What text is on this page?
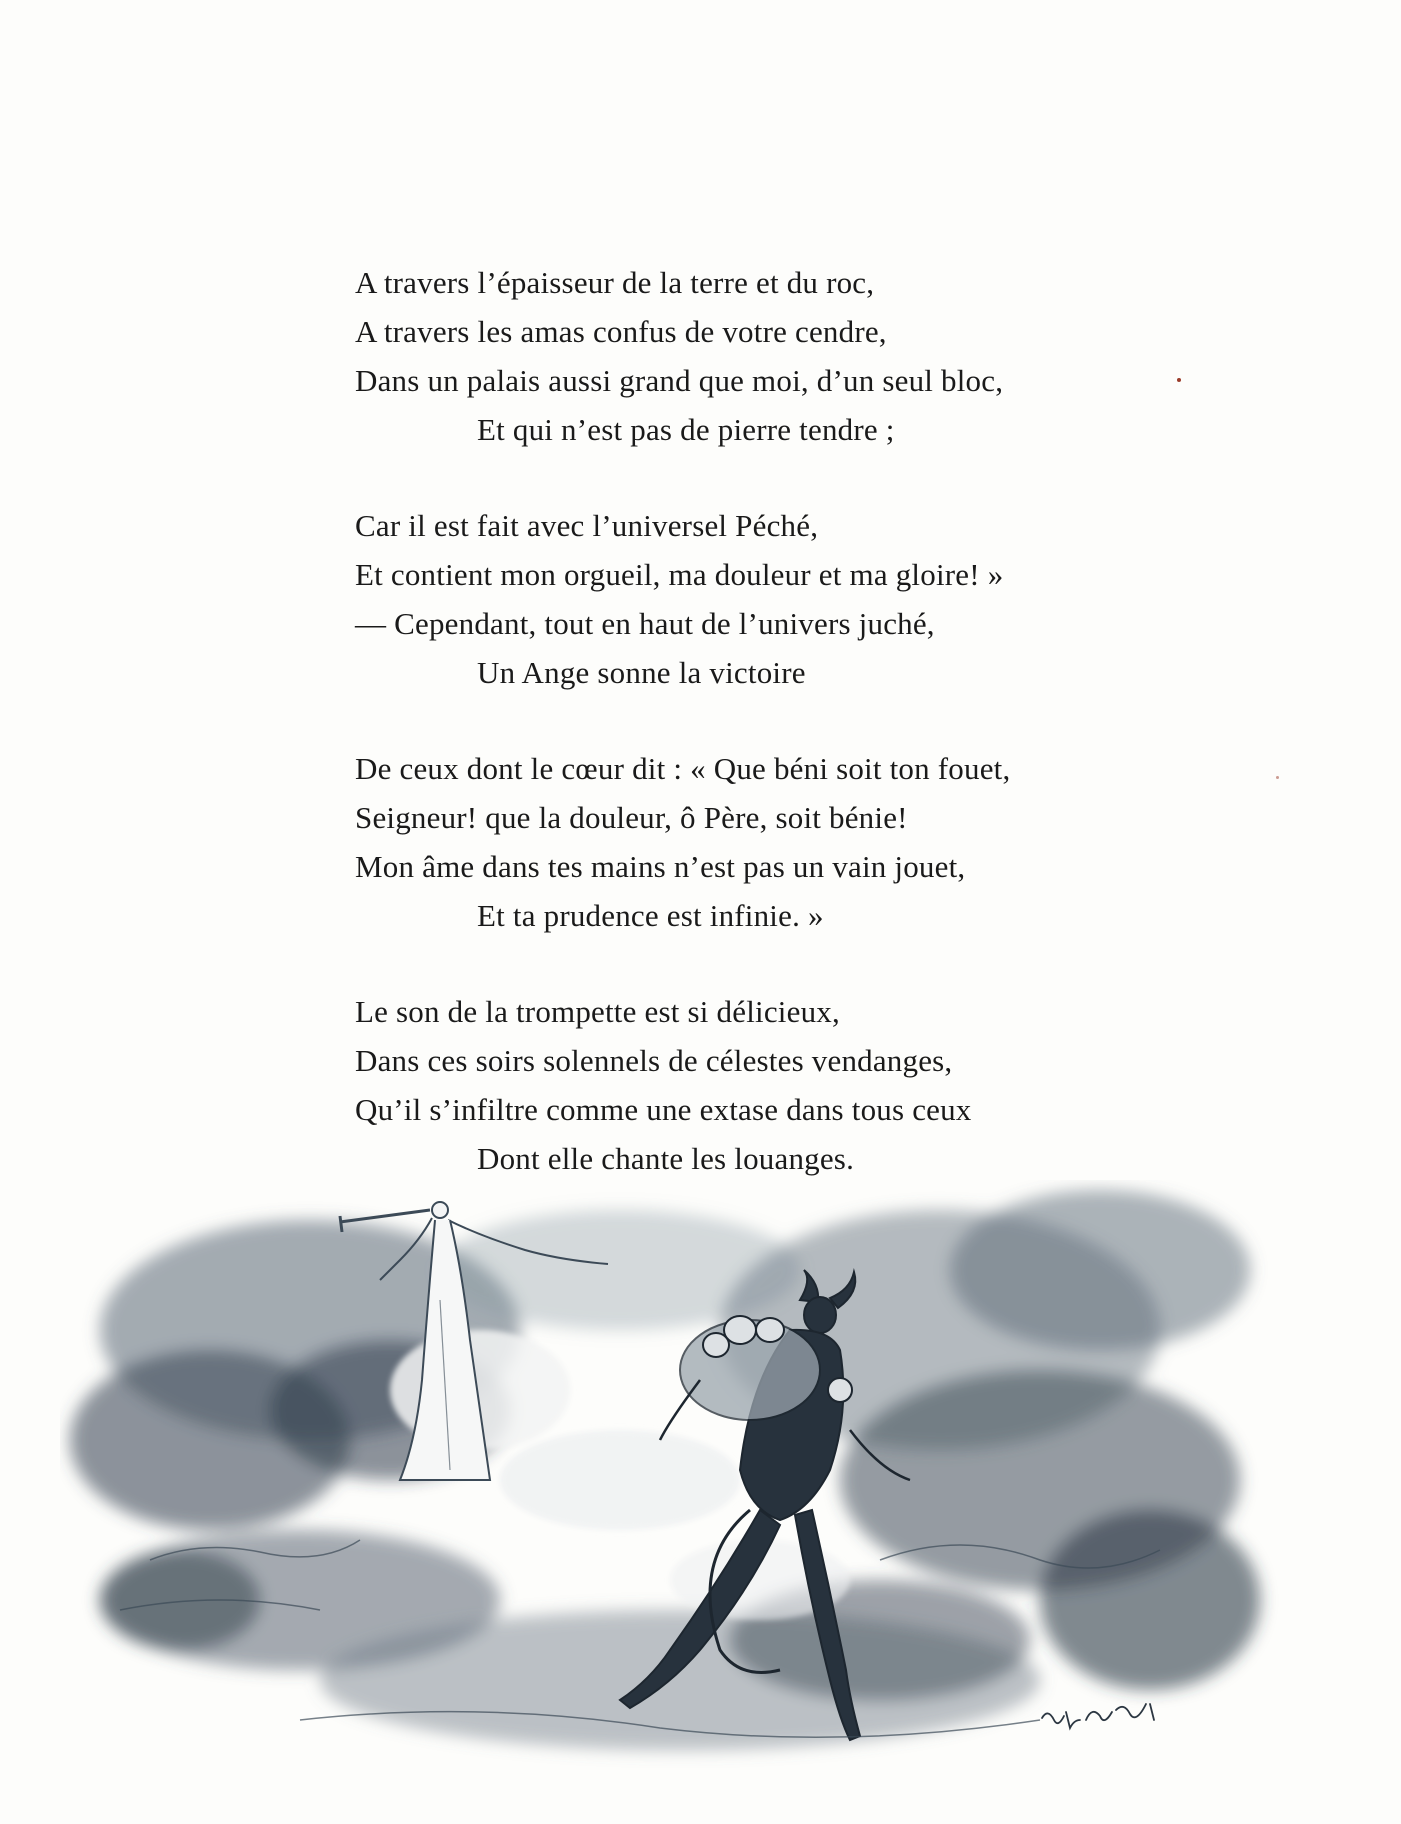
A travers l’épaisseur de la terre et du roc,
A travers les amas confus de votre cendre,
Dans un palais aussi grand que moi, d’un seul bloc,
Et qui n’est pas de pierre tendre ;
Car il est fait avec l’universel Péché,
Et contient mon orgueil, ma douleur et ma gloire! »
— Cependant, tout en haut de l’univers juché,
Un Ange sonne la victoire
De ceux dont le cœur dit : « Que béni soit ton fouet,
Seigneur! que la douleur, ô Père, soit bénie!
Mon âme dans tes mains n’est pas un vain jouet,
Et ta prudence est infinie. »
Le son de la trompette est si délicieux,
Dans ces soirs solennels de célestes vendanges,
Qu’il s’infiltre comme une extase dans tous ceux
Dont elle chante les louanges.
